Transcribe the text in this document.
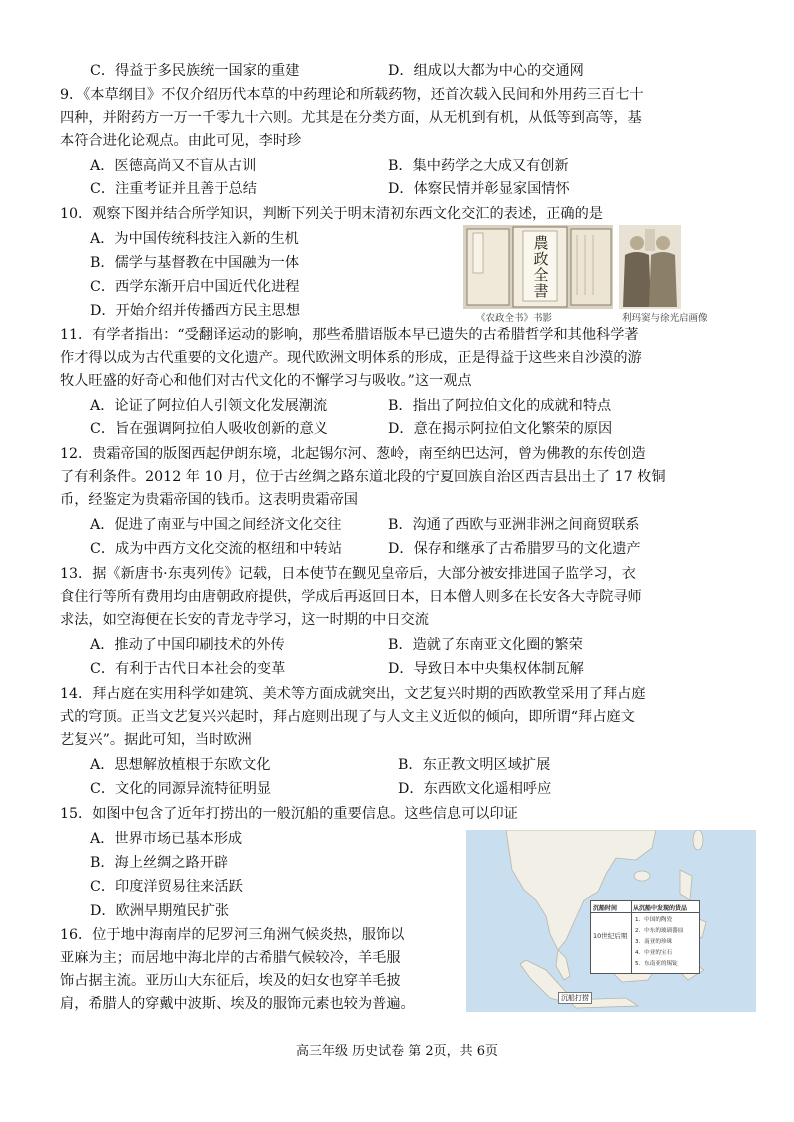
C．得益于多民族统一国家的重建	D．组成以大都为中心的交通网
9．《本草纲目》不仅介绍历代本草的中药理论和所载药物，还首次载入民间和外用药三百七十
四种，并附药方一万一千零九十六则。尤其是在分类方面，从无机到有机，从低等到高等，基
本符合进化论观点。由此可见，李时珍
A．医德高尚又不盲从古训	B．集中药学之大成又有创新
C．注重考证并且善于总结	D．体察民情并彰显家国情怀
10．观察下图并结合所学知识，判断下列关于明末清初东西文化交汇的表述，正确的是
A．为中国传统科技注入新的生机
B．儒学与基督教在中国融为一体
C．西学东渐开启中国近代化进程
D．开始介绍并传播西方民主思想
農政全書
《农政全书》书影	利玛窦与徐光启画像
11．有学者指出：“受翻译运动的影响，那些希腊语版本早已遗失的古希腊哲学和其他科学著
作才得以成为古代重要的文化遗产。现代欧洲文明体系的形成，正是得益于这些来自沙漠的游
牧人旺盛的好奇心和他们对古代文化的不懈学习与吸收。”这一观点
A．论证了阿拉伯人引领文化发展潮流	B．指出了阿拉伯文化的成就和特点
C．旨在强调阿拉伯人吸收创新的意义	D．意在揭示阿拉伯文化繁荣的原因
12．贵霜帝国的版图西起伊朗东境，北起锡尔河、葱岭，南至纳巴达河，曾为佛教的东传创造
了有利条件。2012 年 10 月，位于古丝绸之路东道北段的宁夏回族自治区西吉县出土了 17 枚铜
币，经鉴定为贵霜帝国的钱币。这表明贵霜帝国
A．促进了南亚与中国之间经济文化交往	B．沟通了西欧与亚洲非洲之间商贸联系
C．成为中西方文化交流的枢纽和中转站	D．保存和继承了古希腊罗马的文化遗产
13．据《新唐书·东夷列传》记载，日本使节在觐见皇帝后，大部分被安排进国子监学习，衣
食住行等所有费用均由唐朝政府提供，学成后再返回日本，日本僧人则多在长安各大寺院寻师
求法，如空海便在长安的青龙寺学习，这一时期的中日交流
A．推动了中国印刷技术的外传	B．造就了东南亚文化圈的繁荣
C．有利于古代日本社会的变革	D．导致日本中央集权体制瓦解
14．拜占庭在实用科学如建筑、美术等方面成就突出，文艺复兴时期的西欧教堂采用了拜占庭
式的穹顶。正当文艺复兴兴起时，拜占庭则出现了与人文主义近似的倾向，即所谓“拜占庭文
艺复兴”。据此可知，当时欧洲
A．思想解放植根于东欧文化	B．东正教文明区域扩展
C．文化的同源异流特征明显	D．东西欧文化遥相呼应
15．如图中包含了近年打捞出的一般沉船的重要信息。这些信息可以印证
A．世界市场已基本形成
B．海上丝绸之路开辟
C．印度洋贸易往来活跃
D．欧洲早期殖民扩张	沉船时间	从沉船中发现的货品
10世纪后期
1．中国的陶瓷
2．中东的玻璃器皿
3．南亚的珍珠
4．中亚的宝石
5．东南亚的锡锭
沉船打捞
16．位于地中海南岸的尼罗河三角洲气候炎热，服饰以
亚麻为主；而居地中海北岸的古希腊气候较冷，羊毛服
饰占据主流。亚历山大东征后，埃及的妇女也穿羊毛披
肩，希腊人的穿戴中波斯、埃及的服饰元素也较为普遍。
高三年级 历史试卷 第 2页，共 6页
